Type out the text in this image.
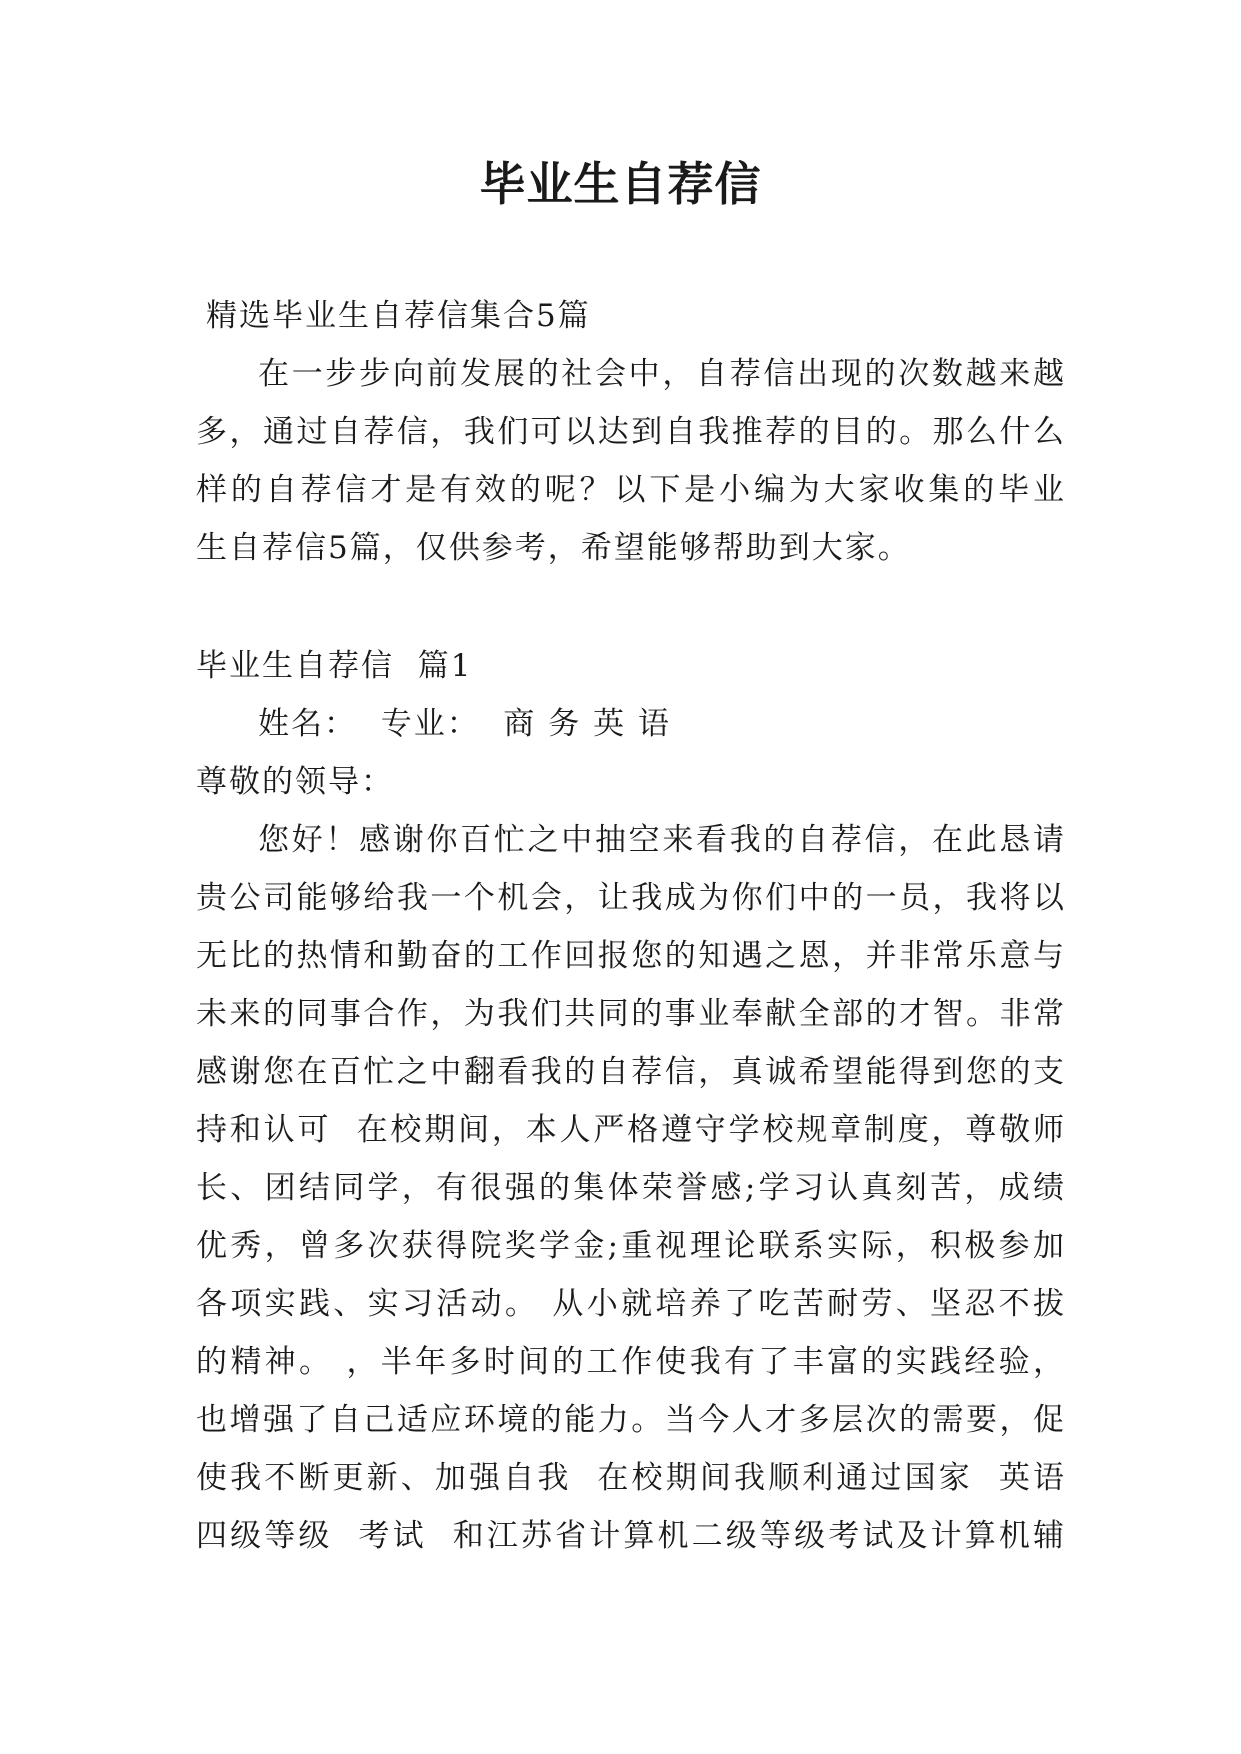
毕业生自荐信
精选毕业生自荐信集合5篇
在一步步向前发展的社会中，自荐信出现的次数越来越
多，通过自荐信，我们可以达到自我推荐的目的。那么什么
样的自荐信才是有效的呢？以下是小编为大家收集的毕业
生自荐信5篇，仅供参考，希望能够帮助到大家。
毕业生自荐信  篇1
姓名：  专业：  商 务 英 语
尊敬的领导：
您好！感谢你百忙之中抽空来看我的自荐信，在此恳请
贵公司能够给我一个机会，让我成为你们中的一员，我将以
无比的热情和勤奋的工作回报您的知遇之恩，并非常乐意与
未来的同事合作，为我们共同的事业奉献全部的才智。非常
感谢您在百忙之中翻看我的自荐信，真诚希望能得到您的支
持和认可  在校期间，本人严格遵守学校规章制度，尊敬师
长、团结同学，有很强的集体荣誉感;学习认真刻苦，成绩
优秀，曾多次获得院奖学金;重视理论联系实际，积极参加
各项实践、实习活动。 从小就培养了吃苦耐劳、坚忍不拔
的精神。 ，半年多时间的工作使我有了丰富的实践经验，
也增强了自己适应环境的能力。当今人才多层次的需要，促
使我不断更新、加强自我  在校期间我顺利通过国家  英语
四级等级  考试  和江苏省计算机二级等级考试及计算机辅
